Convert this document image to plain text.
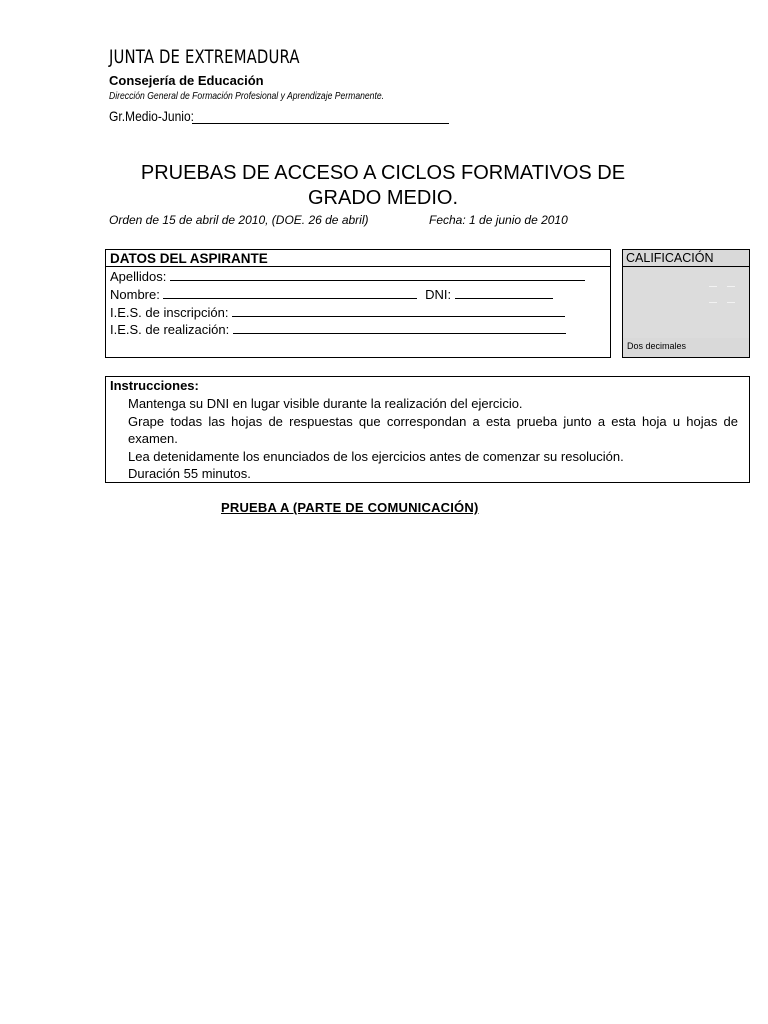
JUNTA DE EXTREMADURA
Consejería de Educación
Dirección General de Formación Profesional y Aprendizaje Permanente.
Gr.Medio-Junio:
PRUEBAS DE ACCESO A CICLOS FORMATIVOS DE GRADO MEDIO.
Orden de 15 de abril de 2010, (DOE. 26 de abril)	Fecha: 1 de junio de 2010
DATOS DEL ASPIRANTE
Apellidos:
Nombre:	DNI:
I.E.S. de inscripción:
I.E.S. de realización:
CALIFICACIÓN
Dos decimales
Instrucciones:
Mantenga su DNI en lugar visible durante la realización del ejercicio.
Grape todas las hojas de respuestas que correspondan a esta prueba junto a esta hoja u hojas de examen.
Lea detenidamente los enunciados de los ejercicios antes de comenzar su resolución.
Duración 55 minutos.
PRUEBA A (PARTE DE COMUNICACIÓN)
